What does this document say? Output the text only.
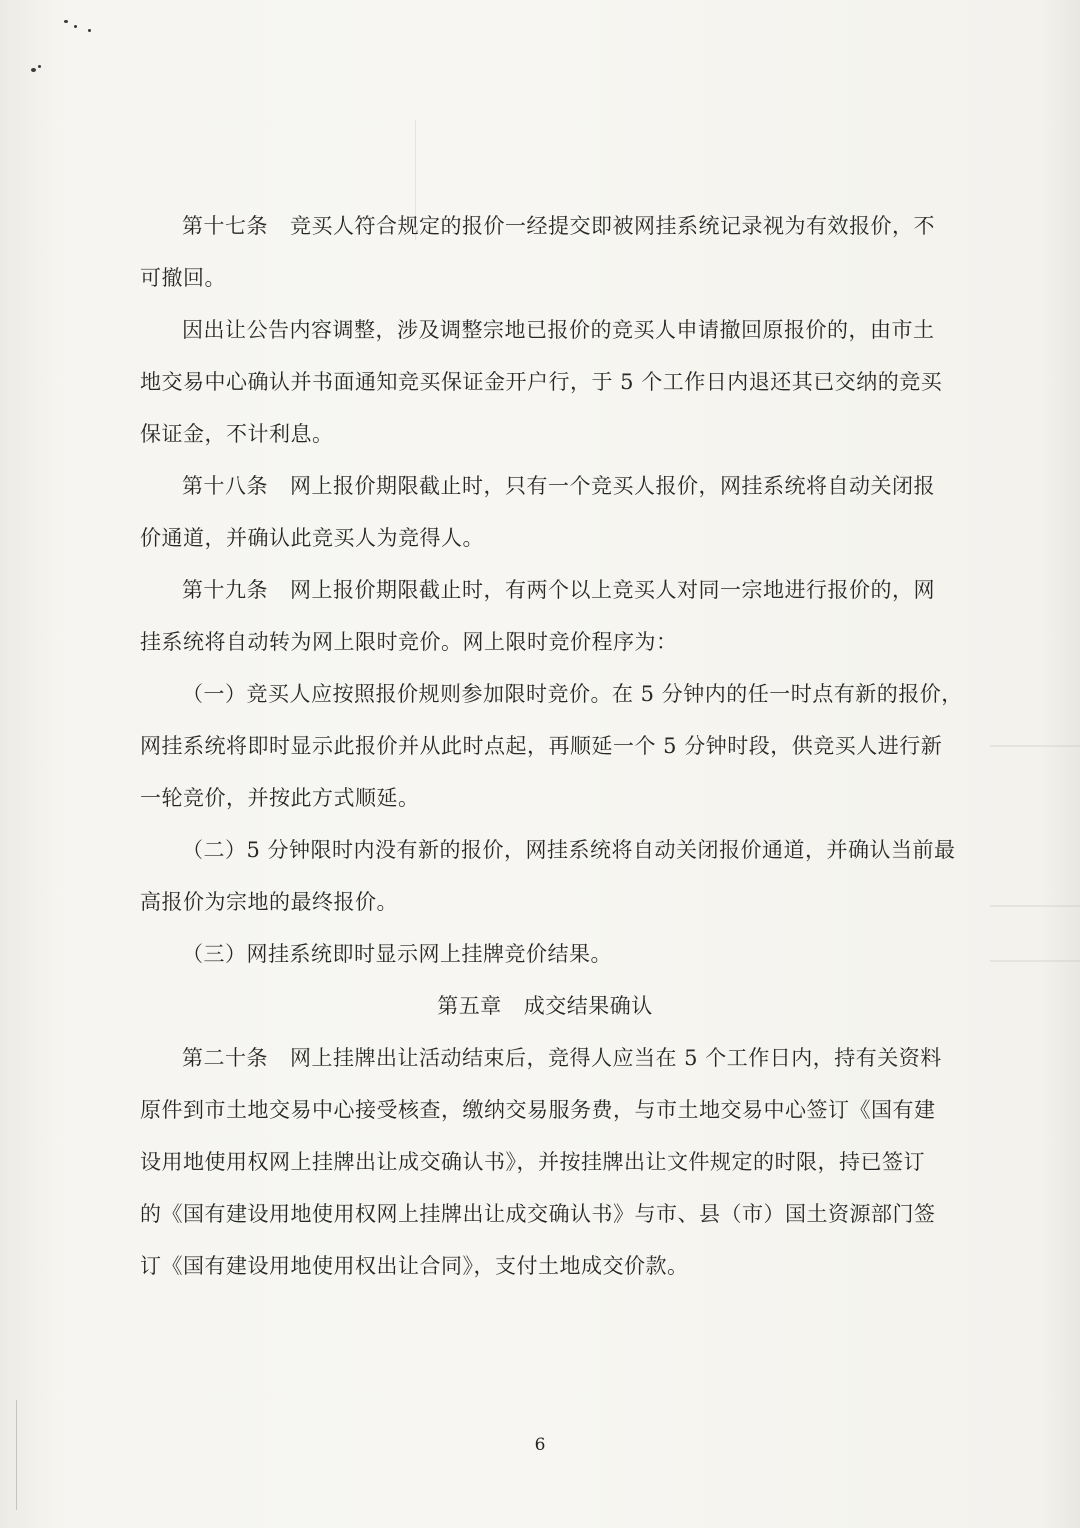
第十七条 竞买人符合规定的报价一经提交即被网挂系统记录视为有效报价，不
可撤回。
因出让公告内容调整，涉及调整宗地已报价的竞买人申请撤回原报价的，由市土
地交易中心确认并书面通知竞买保证金开户行，于 5 个工作日内退还其已交纳的竞买
保证金，不计利息。
第十八条 网上报价期限截止时，只有一个竞买人报价，网挂系统将自动关闭报
价通道，并确认此竞买人为竞得人。
第十九条 网上报价期限截止时，有两个以上竞买人对同一宗地进行报价的，网
挂系统将自动转为网上限时竞价。网上限时竞价程序为：
（一）竞买人应按照报价规则参加限时竞价。在 5 分钟内的任一时点有新的报价，
网挂系统将即时显示此报价并从此时点起，再顺延一个 5 分钟时段，供竞买人进行新
一轮竞价，并按此方式顺延。
（二）5 分钟限时内没有新的报价，网挂系统将自动关闭报价通道，并确认当前最
高报价为宗地的最终报价。
（三）网挂系统即时显示网上挂牌竞价结果。
第五章 成交结果确认
第二十条 网上挂牌出让活动结束后，竞得人应当在 5 个工作日内，持有关资料
原件到市土地交易中心接受核查，缴纳交易服务费，与市土地交易中心签订《国有建
设用地使用权网上挂牌出让成交确认书》，并按挂牌出让文件规定的时限，持已签订
的《国有建设用地使用权网上挂牌出让成交确认书》与市、县（市）国土资源部门签
订《国有建设用地使用权出让合同》，支付土地成交价款。
6
